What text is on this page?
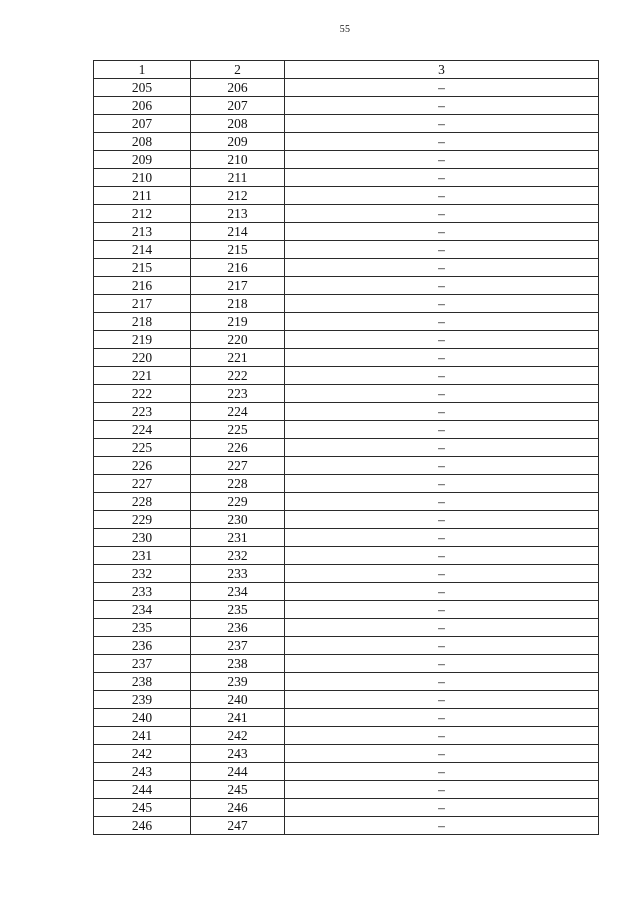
55
1	2	3
205	206	–
206	207	–
207	208	–
208	209	–
209	210	–
210	211	–
211	212	–
212	213	–
213	214	–
214	215	–
215	216	–
216	217	–
217	218	–
218	219	–
219	220	–
220	221	–
221	222	–
222	223	–
223	224	–
224	225	–
225	226	–
226	227	–
227	228	–
228	229	–
229	230	–
230	231	–
231	232	–
232	233	–
233	234	–
234	235	–
235	236	–
236	237	–
237	238	–
238	239	–
239	240	–
240	241	–
241	242	–
242	243	–
243	244	–
244	245	–
245	246	–
246	247	–
